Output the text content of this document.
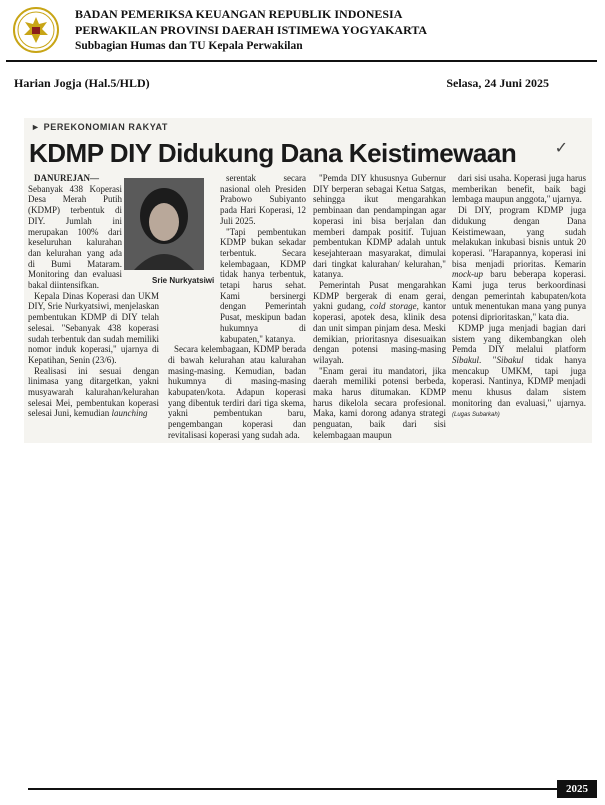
BADAN PEMERIKSA KEUANGAN REPUBLIK INDONESIA
PERWAKILAN PROVINSI DAERAH ISTIMEWA YOGYAKARTA
Subbagian Humas dan TU Kepala Perwakilan
Harian Jogja (Hal.5/HLD)	Selasa, 24 Juni 2025
► PEREKONOMIAN RAKYAT
✓
KDMP DIY Didukung Dana Keistimewaan

DANUREJAN— Sebanyak 438 Koperasi Desa Merah Putih (KDMP) terbentuk di DIY. Jumlah ini merupakan 100% dari keseluruhan kalurahan dan kelurahan yang ada di Bumi Mataram. Monitoring dan evaluasi bakal diintensifkan.

Kepala Dinas Koperasi dan UKM DIY, Srie Nurkyatsiwi, menjelaskan pembentukan KDMP di DIY telah selesai. "Sebanyak 438 koperasi sudah terbentuk dan sudah memiliki nomor induk koperasi," ujarnya di Kepatihan, Senin (23/6).

Realisasi ini sesuai dengan linimasa yang ditargetkan, yakni musyawarah kalurahan/kelurahan selesai Mei, pembentukan koperasi selesai Juni, kemudian launching

Srie Nurkyatsiwi

serentak secara nasional oleh Presiden Prabowo Subiyanto pada Hari Koperasi, 12 Juli 2025.

"Tapi pembentukan KDMP bukan sekadar terbentuk. Secara kelembagaan, KDMP tidak hanya terbentuk, tetapi harus sehat. Kami bersinergi dengan Pemerintah Pusat, meskipun badan hukumnya di kabupaten," katanya.

Secara kelembagaan, KDMP berada di bawah kelurahan atau kalurahan masing-masing. Kemudian, badan hukumnya di masing-masing kabupaten/kota. Adapun koperasi yang dibentuk terdiri dari tiga skema, yakni pembentukan baru, pengembangan koperasi dan revitalisasi koperasi yang sudah ada.

"Pemda DIY khususnya Gubernur DIY berperan sebagai Ketua Satgas, sehingga ikut mengarahkan pembinaan dan pendampingan agar koperasi ini bisa berjalan dan memberi dampak positif. Tujuan pembentukan KDMP adalah untuk kesejahteraan masyarakat, dimulai dari tingkat kalurahan/ kelurahan," katanya.

Pemerintah Pusat mengarahkan KDMP bergerak di enam gerai, yakni gudang, cold storage, kantor koperasi, apotek desa, klinik desa dan unit simpan pinjam desa. Meski demikian, prioritasnya disesuaikan dengan potensi masing-masing wilayah.

"Enam gerai itu mandatori, jika daerah memiliki potensi berbeda, maka harus ditumakan. KDMP harus dikelola secara profesional. Maka, kami dorong adanya strategi penguatan, baik dari sisi kelembagaan maupun

dari sisi usaha. Koperasi juga harus memberikan benefit, baik bagi lembaga maupun anggota," ujarnya.

Di DIY, program KDMP juga didukung dengan Dana Keistimewaan, yang sudah melakukan inkubasi bisnis untuk 20 koperasi. "Harapannya, koperasi ini bisa menjadi prioritas. Kemarin mock-up baru beberapa koperasi. Kami juga terus berkoordinasi dengan pemerintah kabupaten/kota untuk menentukan mana yang punya potensi diprioritaskan," kata dia.

KDMP juga menjadi bagian dari sistem yang dikembangkan oleh Pemda DIY melalui platform Sibakul. "Sibakul tidak hanya mencakup UMKM, tapi juga koperasi. Nantinya, KDMP menjadi menu khusus dalam sistem monitoring dan evaluasi," ujarnya. (Lugas Subarkah)

2025
